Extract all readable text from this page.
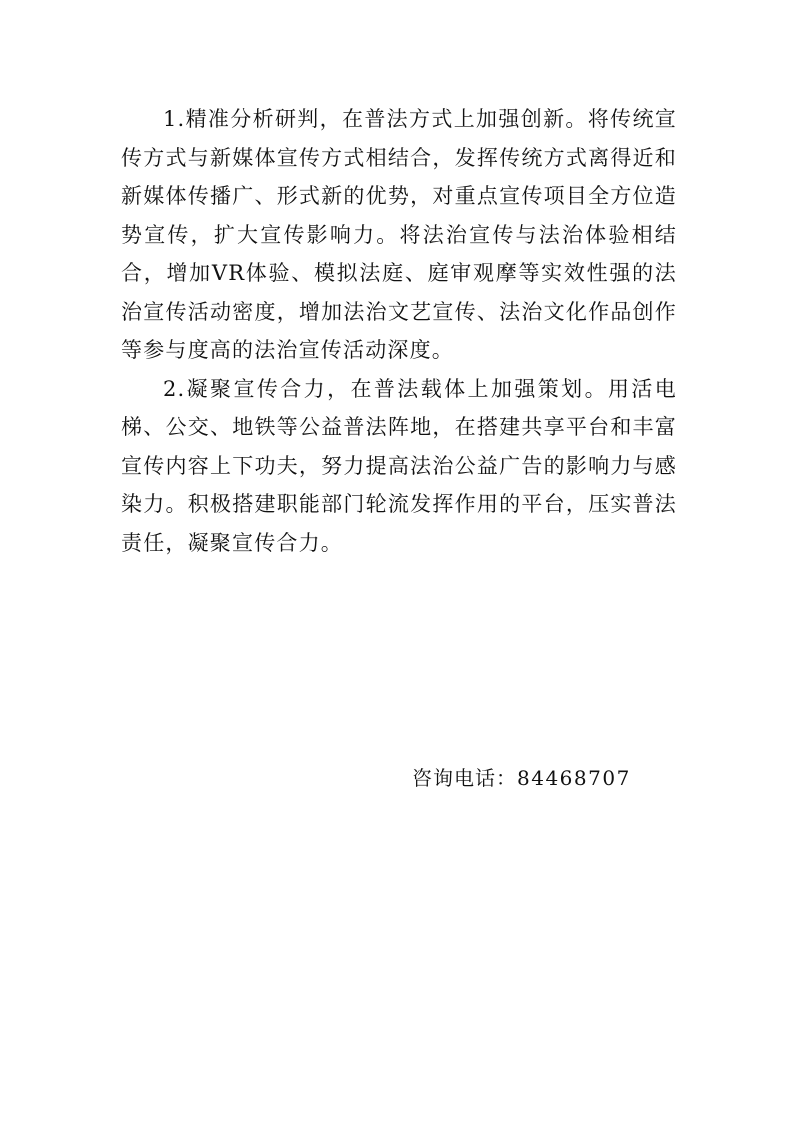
1.精准分析研判，在普法方式上加强创新。将传统宣传方式与新媒体宣传方式相结合，发挥传统方式离得近和新媒体传播广、形式新的优势，对重点宣传项目全方位造势宣传，扩大宣传影响力。将法治宣传与法治体验相结合，增加VR体验、模拟法庭、庭审观摩等实效性强的法治宣传活动密度，增加法治文艺宣传、法治文化作品创作等参与度高的法治宣传活动深度。

2.凝聚宣传合力，在普法载体上加强策划。用活电梯、公交、地铁等公益普法阵地，在搭建共享平台和丰富宣传内容上下功夫，努力提高法治公益广告的影响力与感染力。积极搭建职能部门轮流发挥作用的平台，压实普法责任，凝聚宣传合力。

咨询电话：84468707
